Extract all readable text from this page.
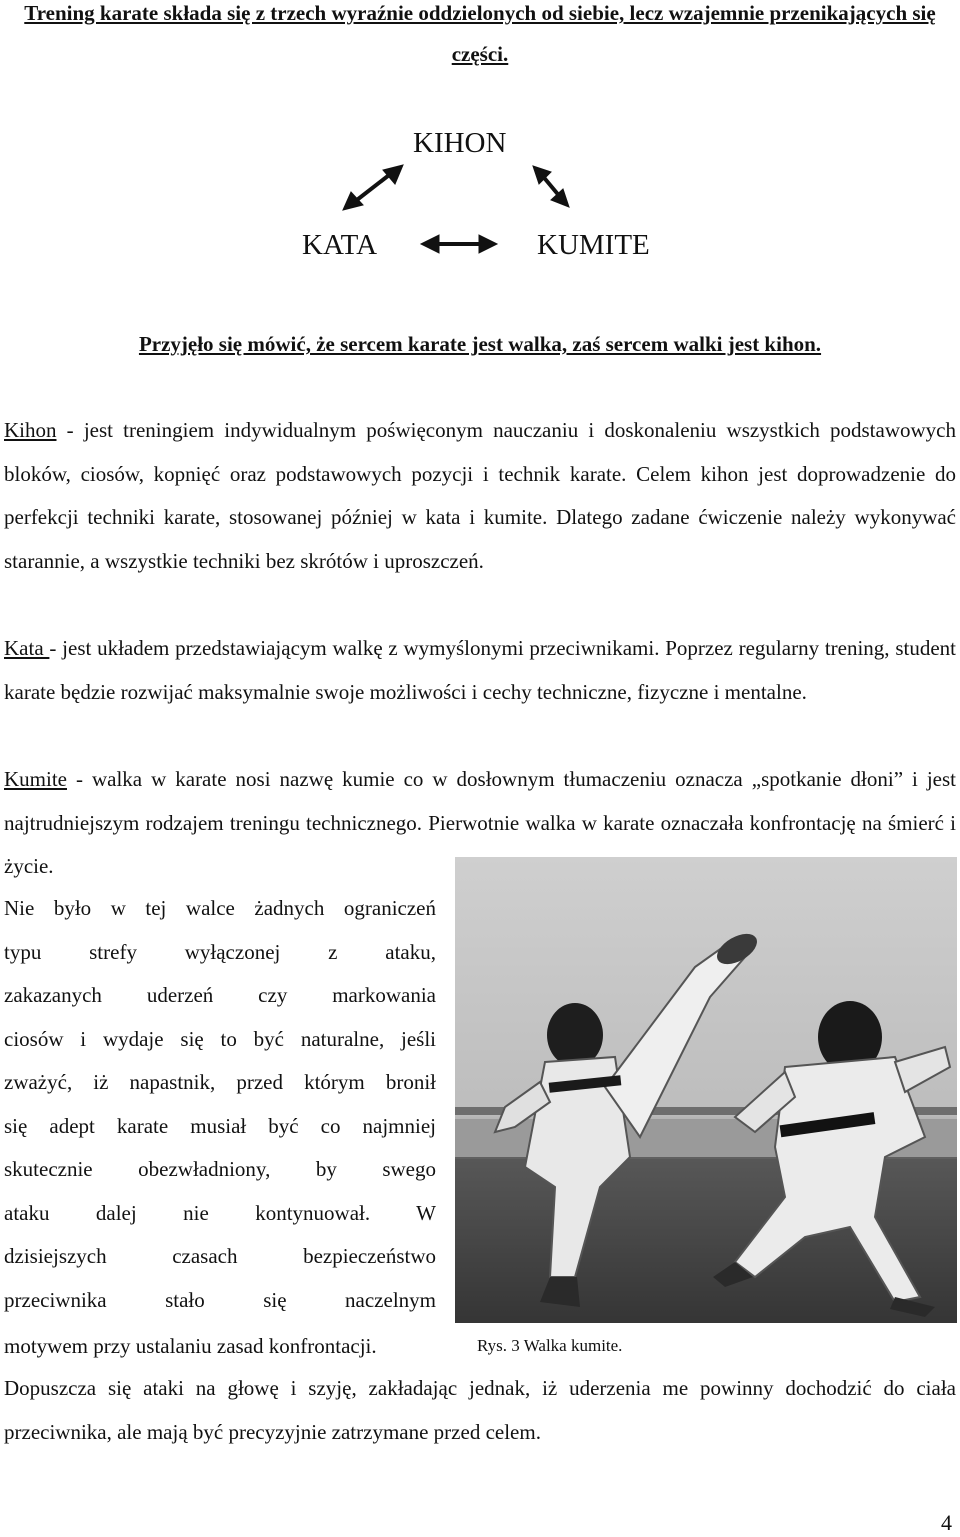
Trening karate składa się z trzech wyraźnie oddzielonych od siebie, lecz wzajemnie przenikających się części.
KIHON
KATA	KUMITE
Przyjęło się mówić, że sercem karate jest walka, zaś sercem walki jest kihon.
Kihon - jest treningiem indywidualnym poświęconym nauczaniu i doskonaleniu wszystkich podstawowych bloków, ciosów, kopnięć oraz podstawowych pozycji i technik karate. Celem kihon jest doprowadzenie do perfekcji techniki karate, stosowanej później w kata i kumite. Dlatego zadane ćwiczenie należy wykonywać starannie, a wszystkie techniki bez skrótów i uproszczeń.
Kata - jest układem przedstawiającym walkę z wymyślonymi przeciwnikami. Poprzez regularny trening, student karate będzie rozwijać maksymalnie swoje możliwości i cechy techniczne, fizyczne i mentalne.
Kumite - walka w karate nosi nazwę kumie co w dosłownym tłumaczeniu oznacza „spotkanie dłoni” i jest najtrudniejszym rodzajem treningu technicznego. Pierwotnie walka w karate oznaczała konfrontację na śmierć i życie.
Nie było w tej walce żadnych ograniczeń
typu strefy wyłączonej z ataku,
zakazanych uderzeń czy markowania
ciosów i wydaje się to być naturalne, jeśli
zważyć, iż napastnik, przed którym bronił
się adept karate musiał być co najmniej
skutecznie obezwładniony, by swego
ataku dalej nie kontynuował. W
dzisiejszych czasach bezpieczeństwo
przeciwnika stało się naczelnym
motywem przy ustalaniu zasad konfrontacji.	Rys. 3 Walka kumite.
Dopuszcza się ataki na głowę i szyję, zakładając jednak, iż uderzenia me powinny dochodzić do ciała przeciwnika, ale mają być precyzyjnie zatrzymane przed celem.
4
